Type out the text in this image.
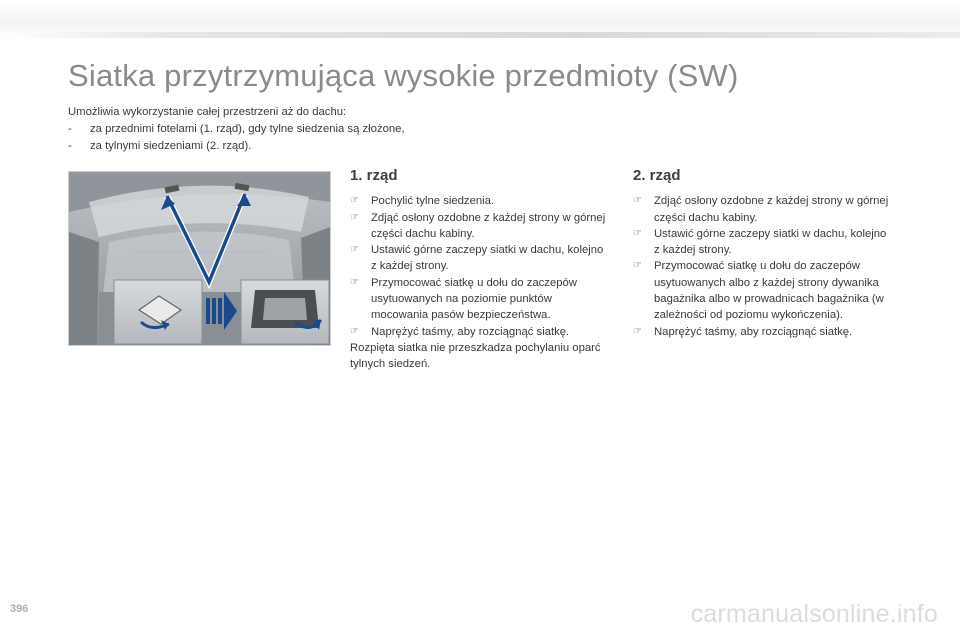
Siatka przytrzymująca wysokie przedmioty (SW)
Umożliwia wykorzystanie całej przestrzeni aż do dachu:
-	za przednimi fotelami (1. rząd), gdy tylne siedzenia są złożone,
-	za tylnymi siedzeniami (2. rząd).
1. rząd
☞ Pochylić tylne siedzenia.
☞ Zdjąć osłony ozdobne z każdej strony w górnej części dachu kabiny.
☞ Ustawić górne zaczepy siatki w dachu, kolejno z każdej strony.
☞ Przymocować siatkę u dołu do zaczepów usytuowanych na poziomie punktów mocowania pasów bezpieczeństwa.
☞ Naprężyć taśmy, aby rozciągnąć siatkę.
Rozpięta siatka nie przeszkadza pochylaniu oparć tylnych siedzeń.
2. rząd
☞ Zdjąć osłony ozdobne z każdej strony w górnej części dachu kabiny.
☞ Ustawić górne zaczepy siatki w dachu, kolejno z każdej strony.
☞ Przymocować siatkę u dołu do zaczepów usytuowanych albo z każdej strony dywanika bagażnika albo w prowadnicach bagażnika (w zależności od poziomu wykończenia).
☞ Naprężyć taśmy, aby rozciągnąć siatkę.
396	carmanualsonline.info
